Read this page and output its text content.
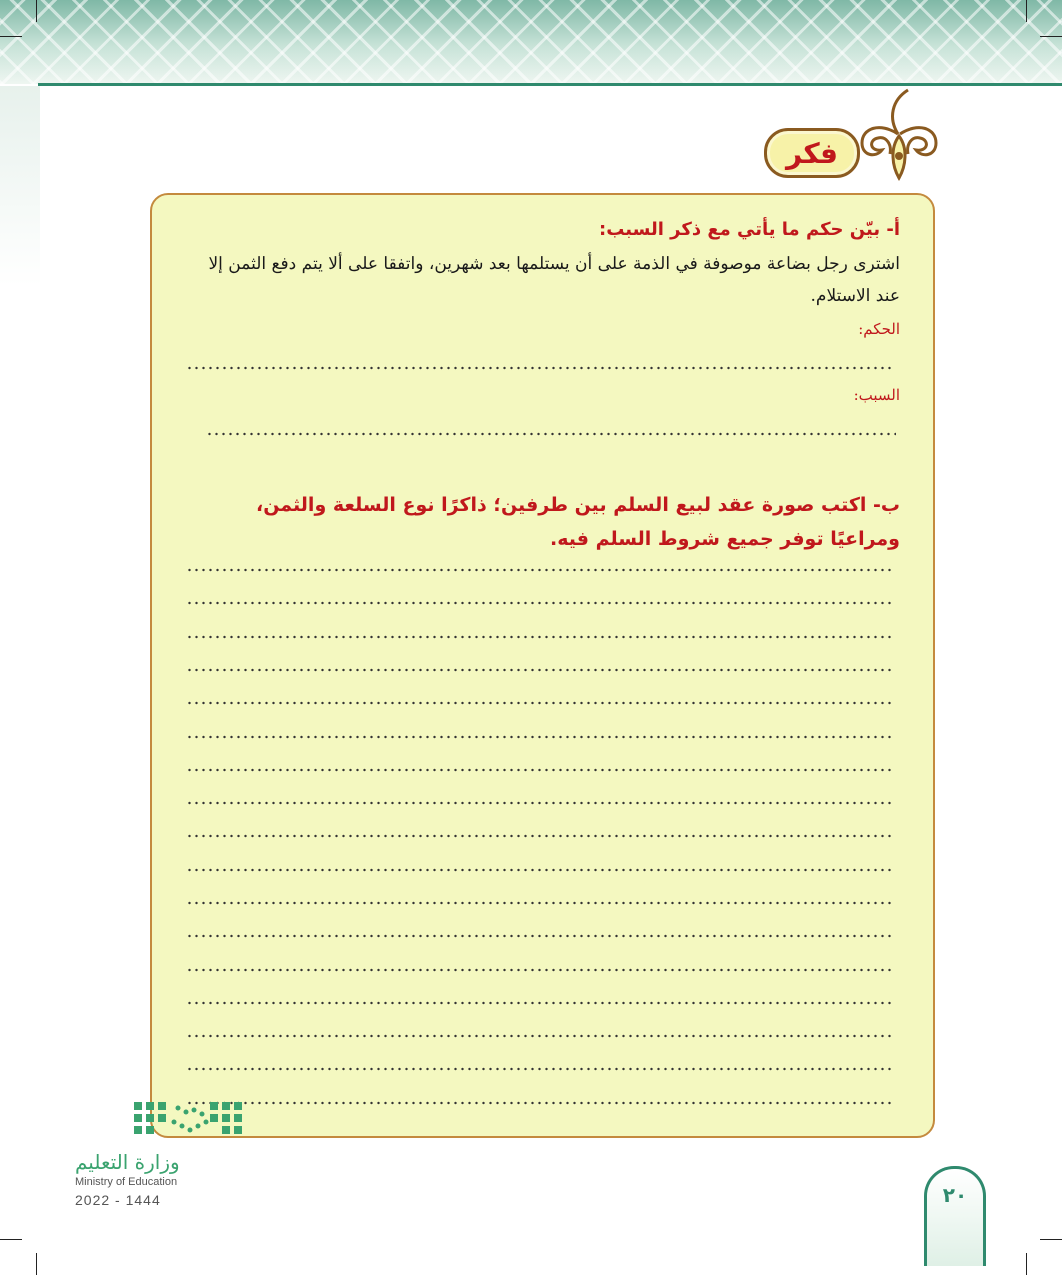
فكر
أ- بيّن حكم ما يأتي مع ذكر السبب:
اشترى رجل بضاعة موصوفة في الذمة على أن يستلمها بعد شهرين، واتفقا على ألا يتم دفع الثمن إلا عند الاستلام.
الحكم:
السبب:
ب- اكتب صورة عقد لبيع السلم بين طرفين؛ ذاكرًا نوع السلعة والثمن، ومراعيًا توفر جميع شروط السلم فيه.
وزارة التعليم
Ministry of Education
2022 - 1444	٢٠
